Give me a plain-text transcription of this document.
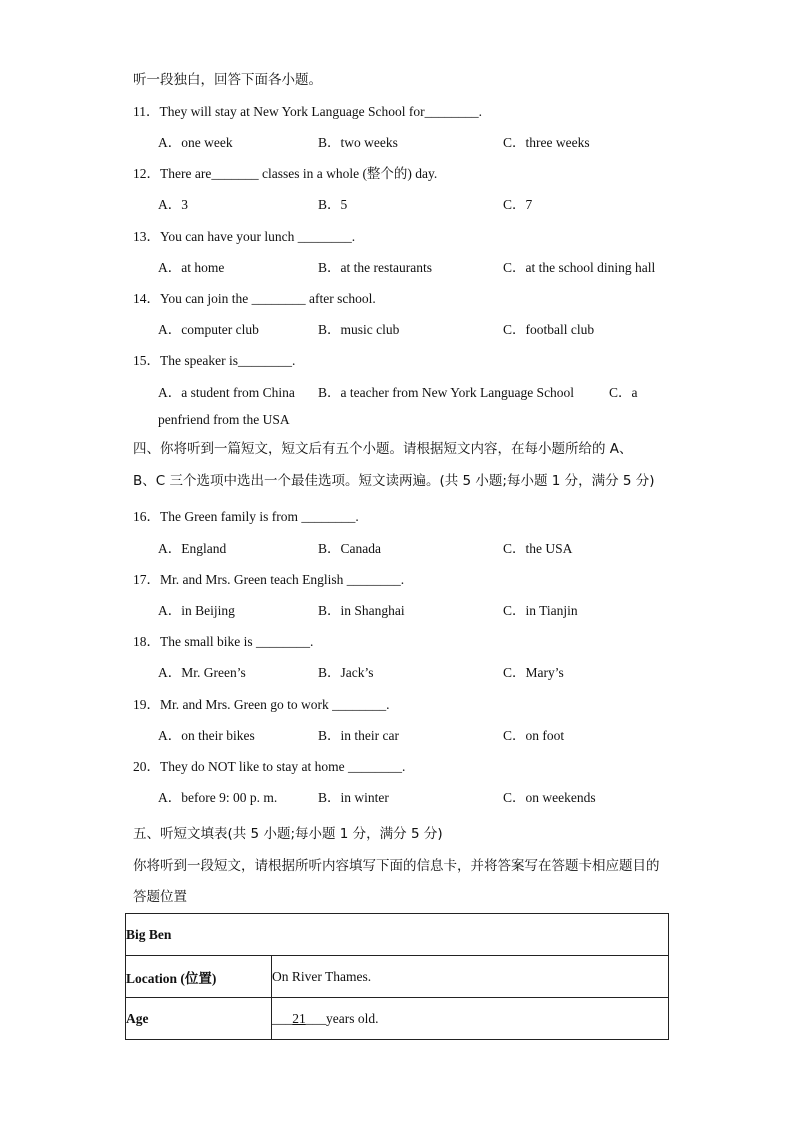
听一段独白，回答下面各小题。
11．They will stay at New York Language School for________.
A．one week	B．two weeks	C．three weeks
12．There are_______ classes in a whole (整个的) day.
A．3	B．5	C．7
13．You can have your lunch ________.
A．at home	B．at the restaurants	C．at the school dining hall
14．You can join the ________ after school.
A．computer club	B．music club	C．football club
15．The speaker is________.
A．a student from China B．a teacher from New York Language School	C．a
penfriend from the USA
四、你将听到一篇短文，短文后有五个小题。请根据短文内容，在每小题所给的 A、
B、C 三个选项中选出一个最佳选项。短文读两遍。(共 5 小题;每小题 1 分，满分 5 分)
16．The Green family is from ________.
A．England	B．Canada	C．the USA
17．Mr. and Mrs. Green teach English ________.
A．in Beijing	B．in Shanghai	C．in Tianjin
18．The small bike is ________.
A．Mr. Green’s	B．Jack’s	C．Mary’s
19．Mr. and Mrs. Green go to work ________.
A．on their bikes	B．in their car	C．on foot
20．They do NOT like to stay at home ________.
A．before 9: 00 p. m.	B．in winter	C．on weekends
五、听短文填表(共 5 小题;每小题 1 分，满分 5 分)
你将听到一段短文，请根据所听内容填写下面的信息卡，并将答案写在答题卡相应题目的答题位置
Big Ben	
Location (位置)	On River Thames.
Age	___21___years old.
